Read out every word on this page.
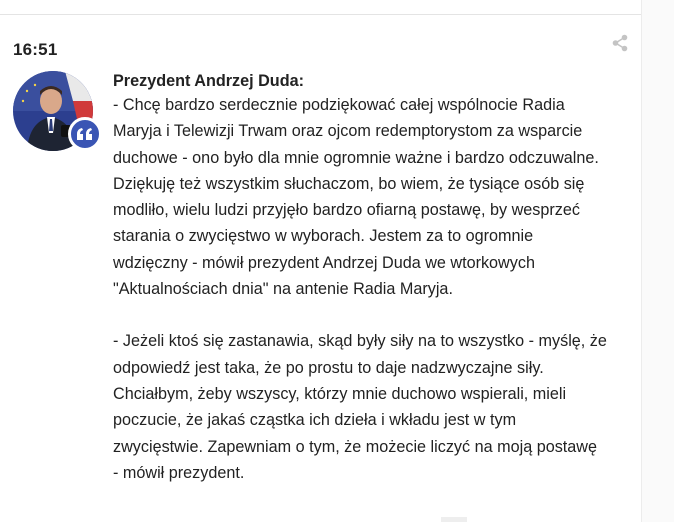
16:51

Prezydent Andrzej Duda:

- Chcę bardzo serdecznie podziękować całej wspólnocie Radia
Maryja i Telewizji Trwam oraz ojcom redemptorystom za wsparcie
duchowe - ono było dla mnie ogromnie ważne i bardzo odczuwalne.
Dziękuję też wszystkim słuchaczom, bo wiem, że tysiące osób się
modliło, wielu ludzi przyjęło bardzo ofiarną postawę, by wesprzeć
starania o zwycięstwo w wyborach. Jestem za to ogromnie
wdzięczny - mówił prezydent Andrzej Duda we wtorkowych
"Aktualnościach dnia" na antenie Radia Maryja.

- Jeżeli ktoś się zastanawia, skąd były siły na to wszystko - myślę, że
odpowiedź jest taka, że po prostu to daje nadzwyczajne siły.
Chciałbym, żeby wszyscy, którzy mnie duchowo wspierali, mieli
poczucie, że jakaś cząstka ich dzieła i wkładu jest w tym
zwycięstwie. Zapewniam o tym, że możecie liczyć na moją postawę
- mówił prezydent.
